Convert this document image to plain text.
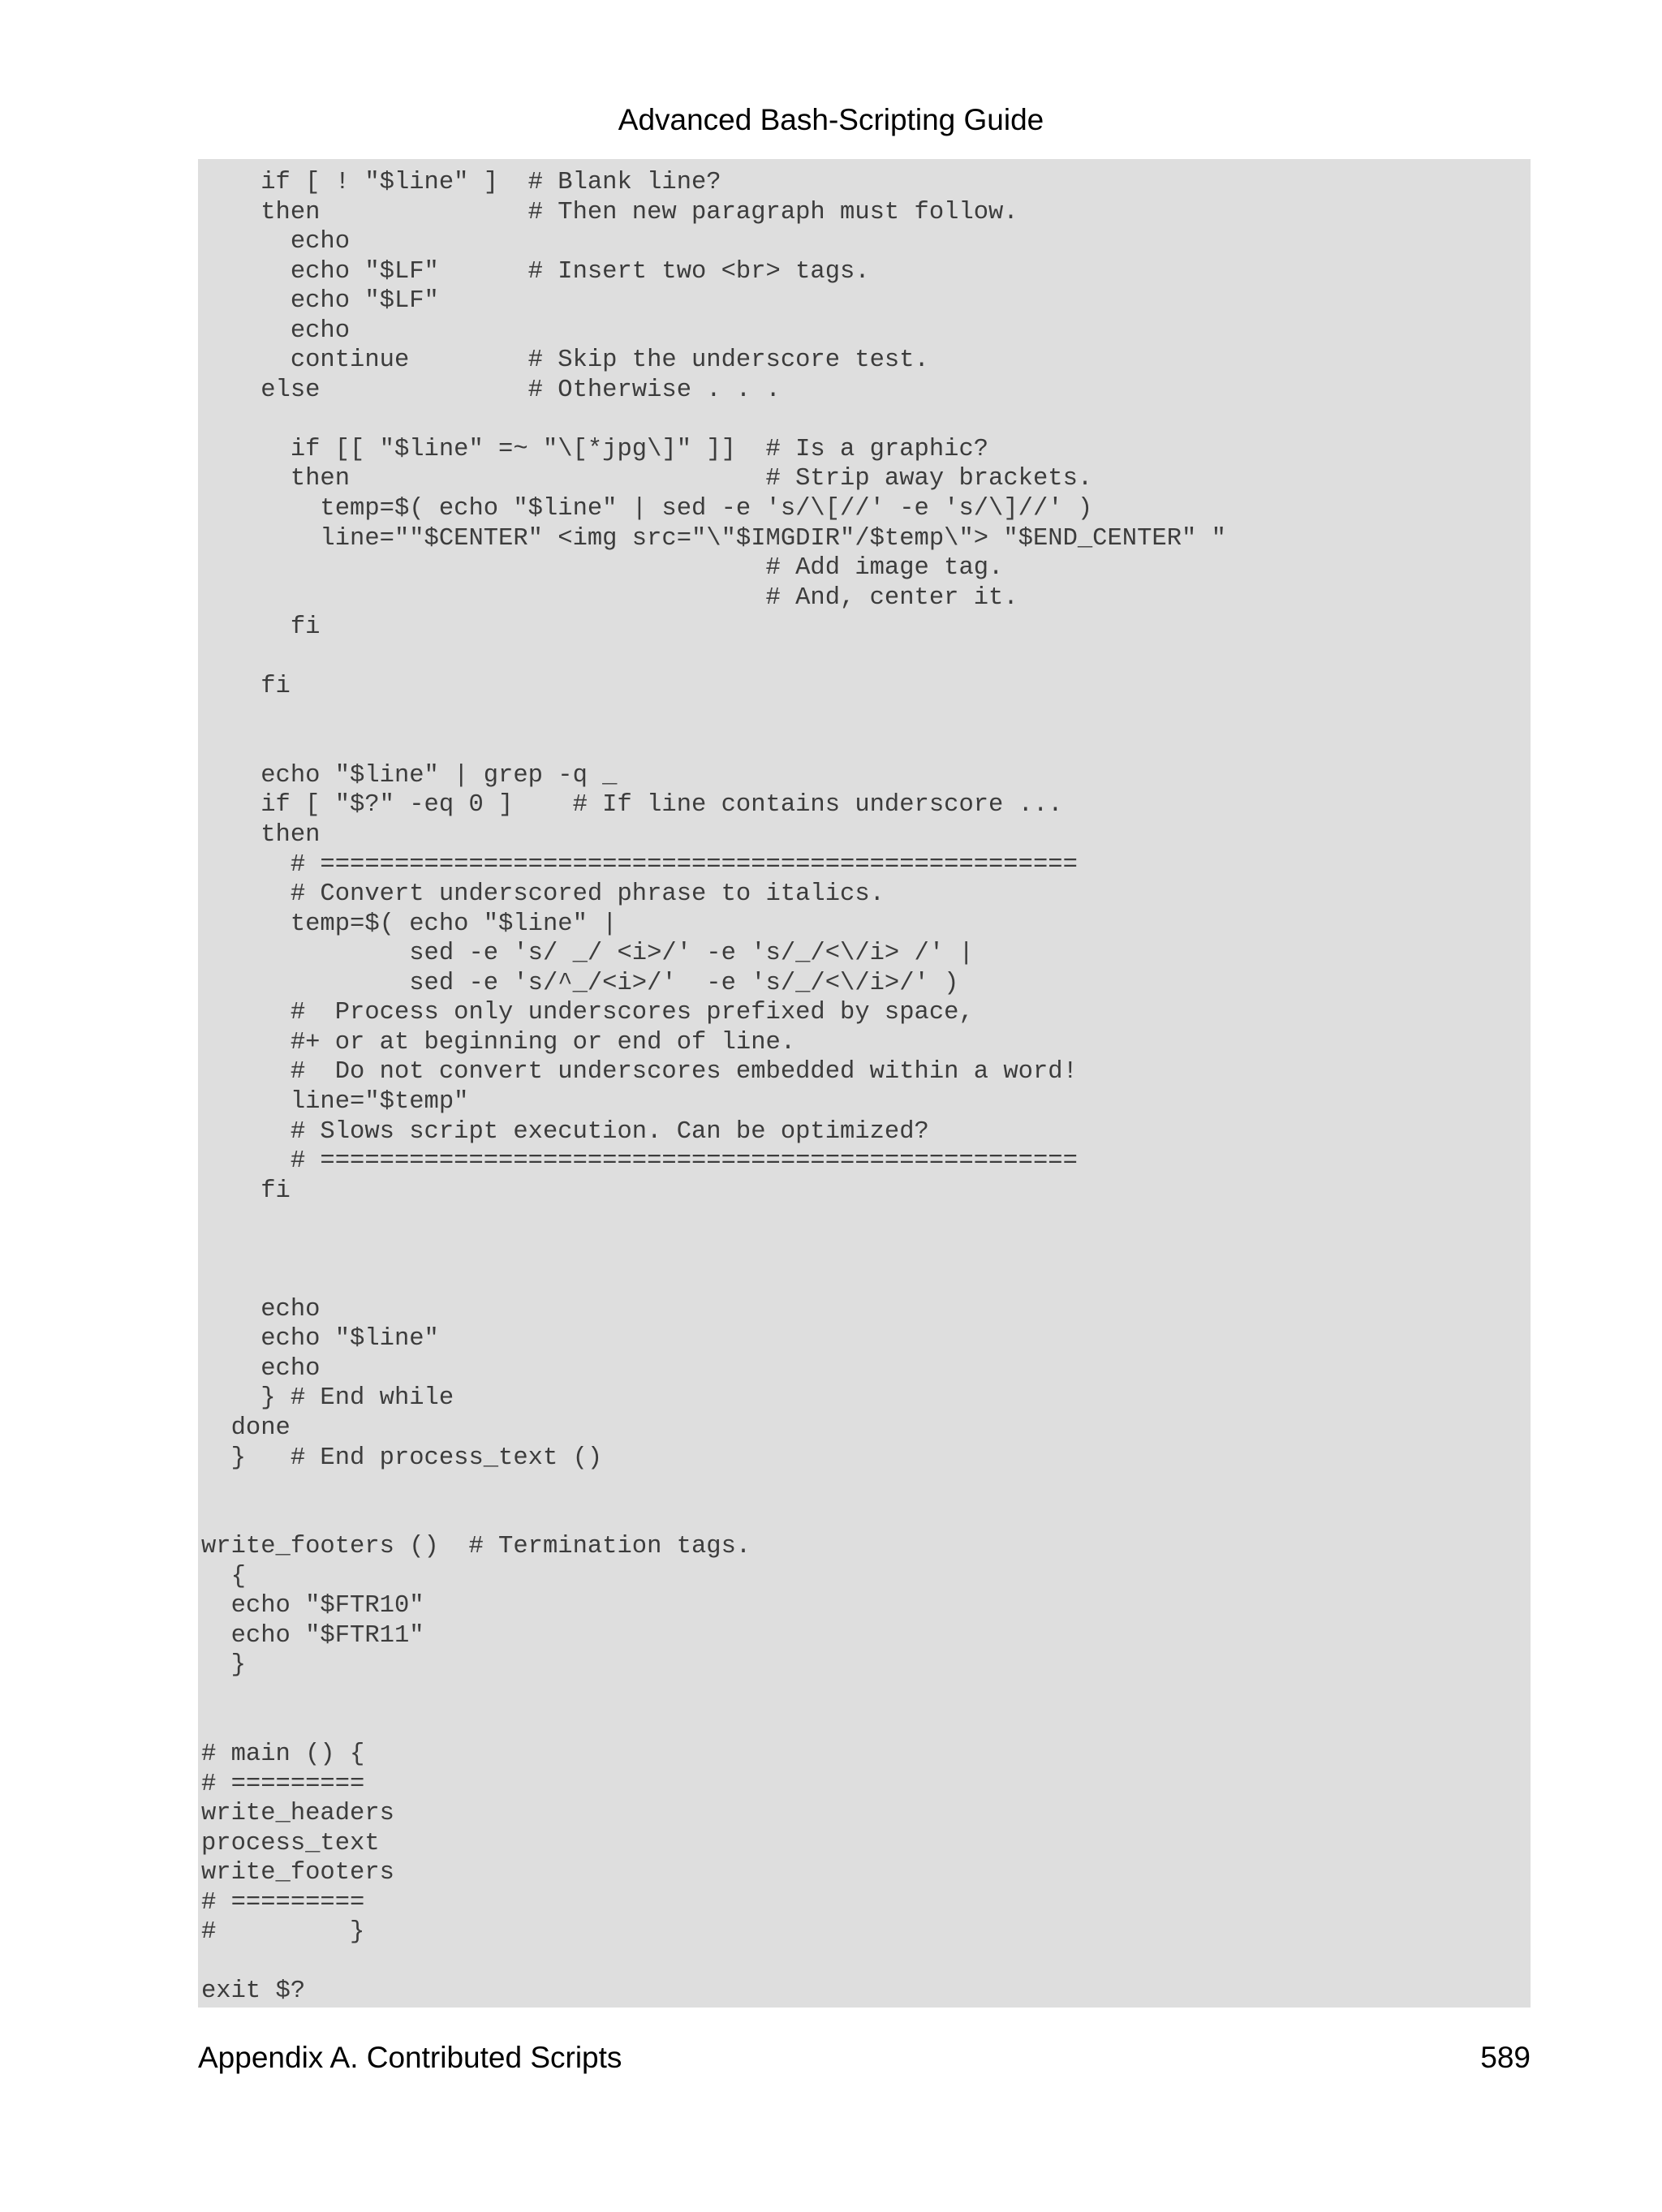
Advanced Bash-Scripting Guide
if [ ! "$line" ]  # Blank line?
then              # Then new paragraph must follow.
echo
echo "$LF"      # Insert two <br> tags.
echo "$LF"
echo
continue        # Skip the underscore test.
else              # Otherwise . . .
if [[ "$line" =~ "\[*jpg\]" ]]  # Is a graphic?
then                            # Strip away brackets.
temp=$( echo "$line" | sed -e 's/\[//' -e 's/\]//' )
line=""$CENTER" <img src="\"$IMGDIR"/$temp\"> "$END_CENTER" "
# Add image tag.
# And, center it.
fi
fi
echo "$line" | grep -q _
if [ "$?" -eq 0 ]    # If line contains underscore ...
then
# ===================================================
# Convert underscored phrase to italics.
temp=$( echo "$line" |
sed -e 's/ _/ <i>/' -e 's/_/<\/i> /' |
sed -e 's/^_/<i>/'  -e 's/_/<\/i>/' )
#  Process only underscores prefixed by space,
#+ or at beginning or end of line.
#  Do not convert underscores embedded within a word!
line="$temp"
# Slows script execution. Can be optimized?
# ===================================================
fi
echo
echo "$line"
echo
} # End while
done
}   # End process_text ()
write_footers ()  # Termination tags.
{
echo "$FTR10"
echo "$FTR11"
}
# main () {
# =========
write_headers
process_text
write_footers
# =========
#         }
exit $?
Appendix A. Contributed Scripts	589
